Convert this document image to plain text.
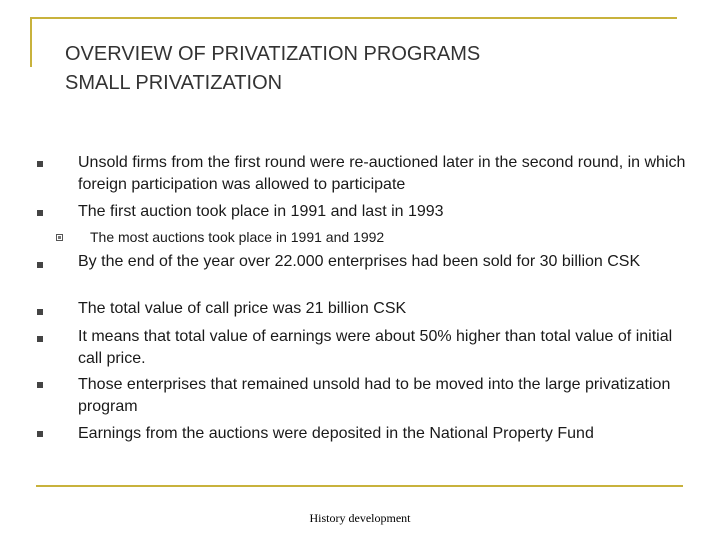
OVERVIEW OF PRIVATIZATION PROGRAMS
SMALL PRIVATIZATION
Unsold firms from the first round were re-auctioned later in the second round, in which foreign participation was allowed to participate
The first auction took place in 1991 and last in 1993
The most auctions took place in 1991 and 1992
By the end of the year over 22.000 enterprises had been sold for 30 billion CSK
The total value of call price was 21 billion CSK
It means that total value of earnings were about 50% higher than total value of initial call price.
Those enterprises that remained unsold had to be moved into the large privatization program
Earnings from the auctions were deposited in the National Property Fund
History development
